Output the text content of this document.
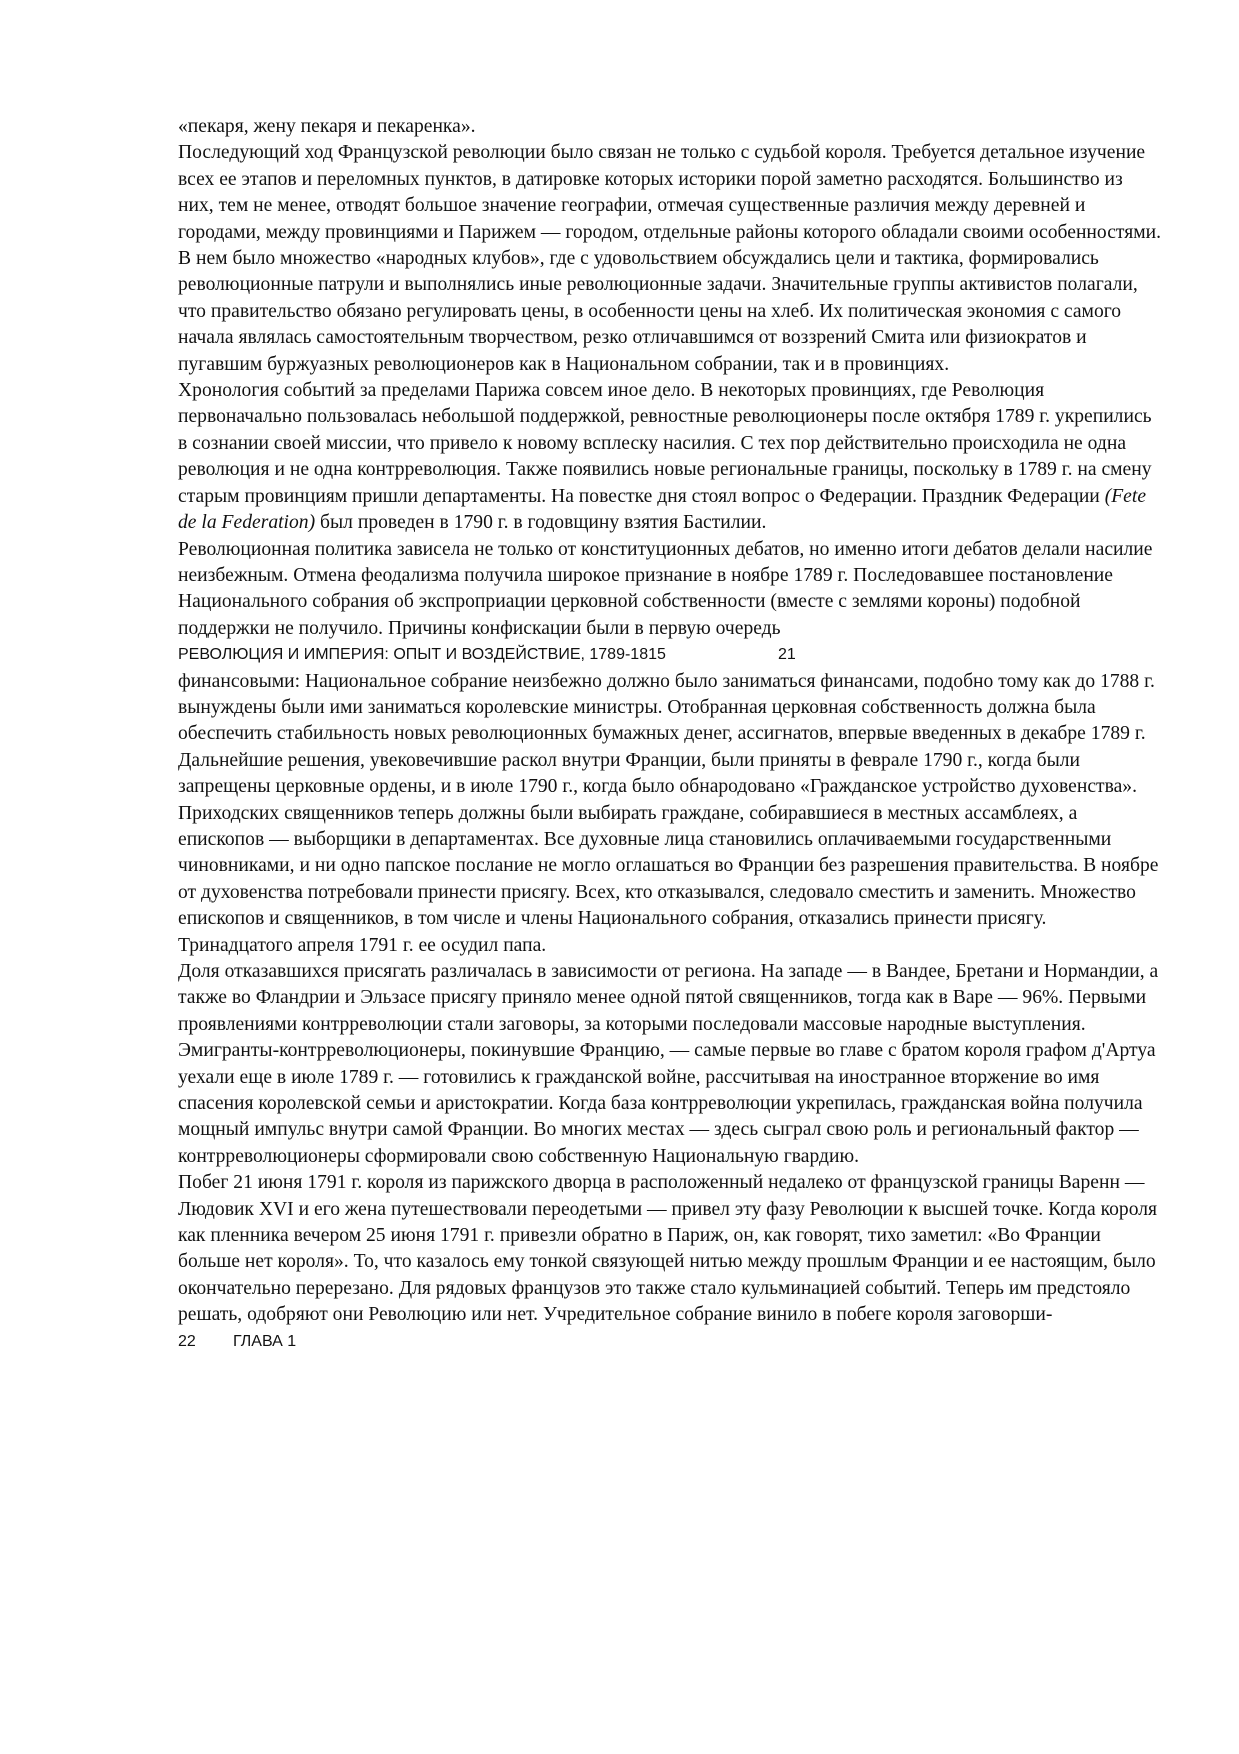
«пекаря, жену пекаря и пекаренка».

Последующий ход Французской революции было связан не только с судьбой короля. Требуется детальное изучение всех ее этапов и переломных пунктов, в датировке которых историки порой заметно расходятся. Большинство из них, тем не менее, отводят большое значение географии, отмечая существенные различия между деревней и городами, между провинциями и Парижем — городом, отдельные районы которого обладали своими особенностями. В нем было множество «народных клубов», где с удовольствием обсуждались цели и тактика, формировались революционные патрули и выполнялись иные революционные задачи. Значительные группы активистов полагали, что правительство обязано регулировать цены, в особенности цены на хлеб. Их политическая экономия с самого начала являлась самостоятельным творчеством, резко отличавшимся от воззрений Смита или физиократов и пугавшим буржуазных революционеров как в Национальном собрании, так и в провинциях.

Хронология событий за пределами Парижа совсем иное дело. В некоторых провинциях, где Революция первоначально пользовалась небольшой поддержкой, ревностные революционеры после октября 1789 г. укрепились в сознании своей миссии, что привело к новому всплеску насилия. С тех пор действительно происходила не одна революция и не одна контрреволюция. Также появились новые региональные границы, поскольку в 1789 г. на смену старым провинциям пришли департаменты. На повестке дня стоял вопрос о Федерации. Праздник Федерации (Fete de la Federation) был проведен в 1790 г. в годовщину взятия Бастилии.

Революционная политика зависела не только от конституционных дебатов, но именно итоги дебатов делали насилие неизбежным. Отмена феодализма получила широкое признание в ноябре 1789 г. Последовавшее постановление Национального собрания об экспроприации церковной собственности (вместе с землями короны) подобной поддержки не получило. Причины конфискации были в первую очередь

РЕВОЛЮЦИЯ И ИМПЕРИЯ: ОПЫТ И ВОЗДЕЙСТВИЕ, 1789-1815	21

финансовыми: Национальное собрание неизбежно должно было заниматься финансами, подобно тому как до 1788 г. вынуждены были ими заниматься королевские министры. Отобранная церковная собственность должна была обеспечить стабильность новых революционных бумажных денег, ассигнатов, впервые введенных в декабре 1789 г.

Дальнейшие решения, увековечившие раскол внутри Франции, были приняты в феврале 1790 г., когда были запрещены церковные ордены, и в июле 1790 г., когда было обнародовано «Гражданское устройство духовенства». Приходских священников теперь должны были выбирать граждане, собиравшиеся в местных ассамблеях, а епископов — выборщики в департаментах. Все духовные лица становились оплачиваемыми государственными чиновниками, и ни одно папское послание не могло оглашаться во Франции без разрешения правительства. В ноябре от духовенства потребовали принести присягу. Всех, кто отказывался, следовало сместить и заменить. Множество епископов и священников, в том числе и члены Национального собрания, отказались принести присягу. Тринадцатого апреля 1791 г. ее осудил папа.

Доля отказавшихся присягать различалась в зависимости от региона. На западе — в Вандее, Бретани и Нормандии, а также во Фландрии и Эльзасе присягу приняло менее одной пятой священников, тогда как в Варе — 96%. Первыми проявлениями контрреволюции стали заговоры, за которыми последовали массовые народные выступления. Эмигранты-контрреволюционеры, покинувшие Францию, — самые первые во главе с братом короля графом д'Артуа уехали еще в июле 1789 г. — готовились к гражданской войне, рассчитывая на иностранное вторжение во имя спасения королевской семьи и аристократии. Когда база контрреволюции укрепилась, гражданская война получила мощный импульс внутри самой Франции. Во многих местах — здесь сыграл свою роль и региональный фактор — контрреволюционеры сформировали свою собственную Национальную гвардию.

Побег 21 июня 1791 г. короля из парижского дворца в расположенный недалеко от французской границы Варенн — Людовик XVI и его жена путешествовали переодетыми — привел эту фазу Революции к высшей точке. Когда короля как пленника вечером 25 июня 1791 г. привезли обратно в Париж, он, как говорят, тихо заметил: «Во Франции больше нет короля». То, что казалось ему тонкой связующей нитью между прошлым Франции и ее настоящим, было окончательно перерезано. Для рядовых французов это также стало кульминацией событий. Теперь им предстояло решать, одобряют они Революцию или нет. Учредительное собрание винило в побеге короля заговорши-

22 ГЛАВА 1
